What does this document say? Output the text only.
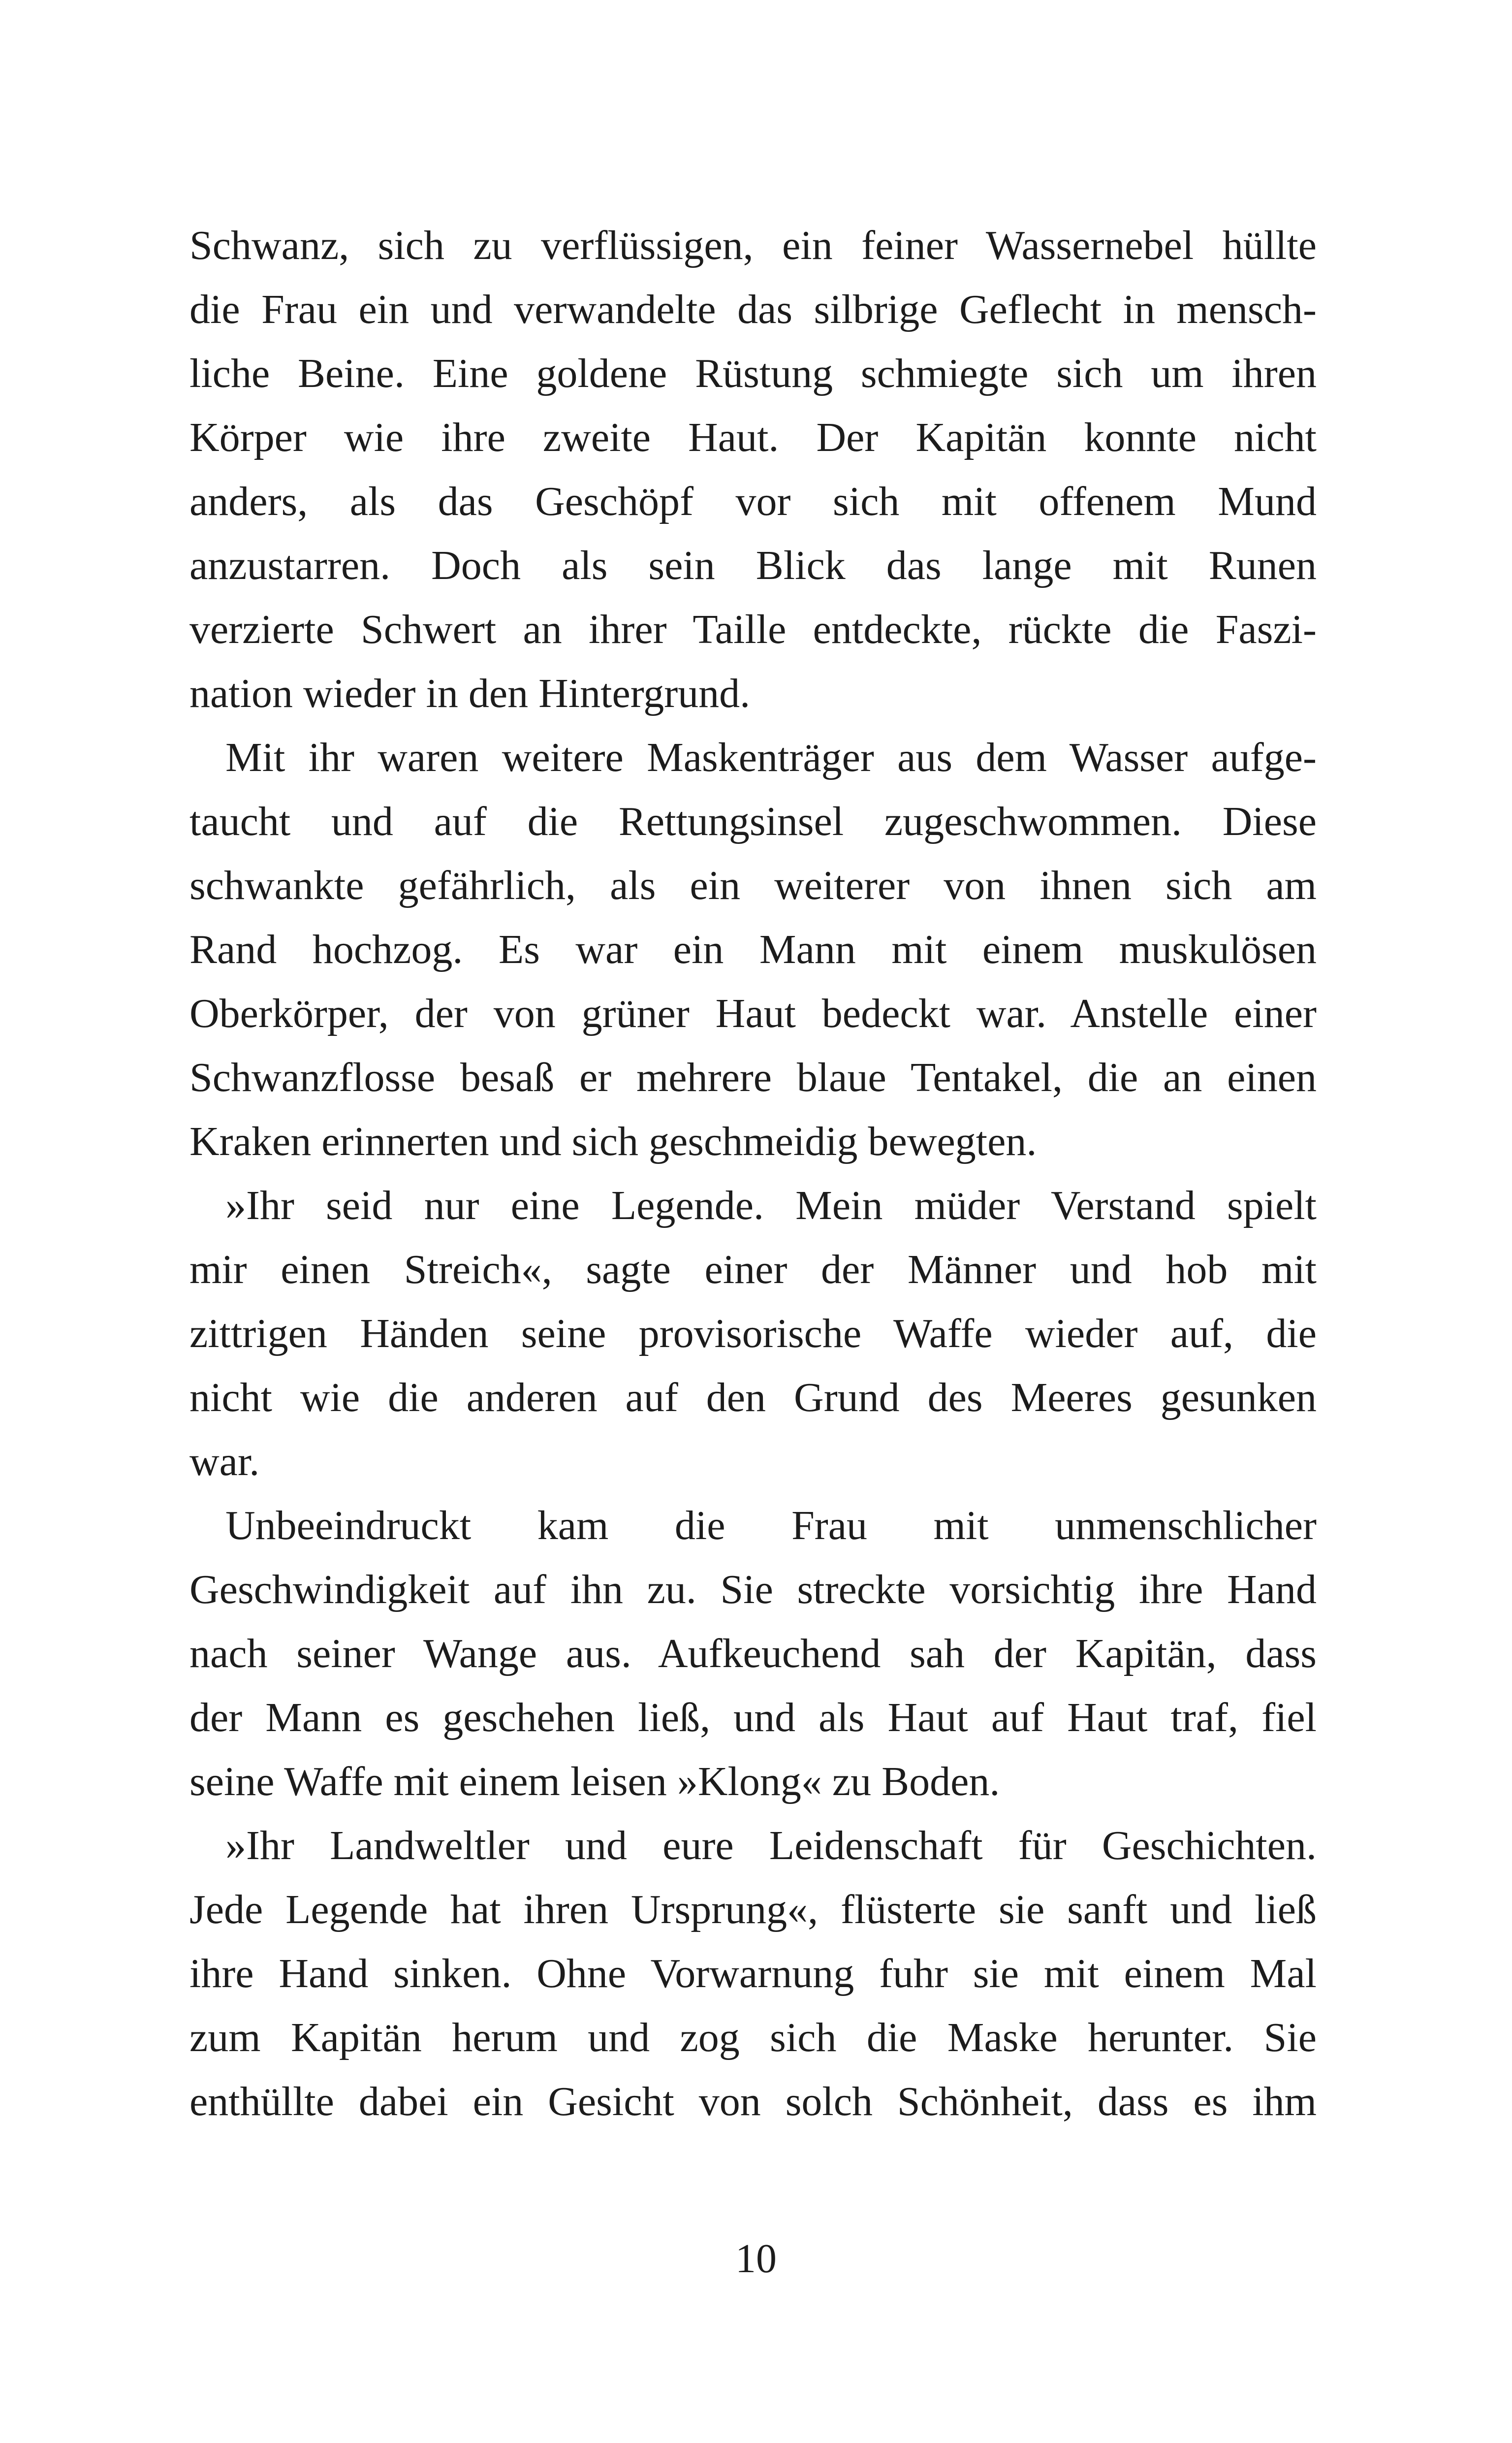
Schwanz, sich zu verflüssigen, ein feiner Wassernebel hüllte
die Frau ein und verwandelte das silbrige Geflecht in mensch-
liche Beine. Eine goldene Rüstung schmiegte sich um ihren
Körper wie ihre zweite Haut. Der Kapitän konnte nicht
anders, als das Geschöpf vor sich mit offenem Mund
anzustarren. Doch als sein Blick das lange mit Runen
verzierte Schwert an ihrer Taille entdeckte, rückte die Faszi-
nation wieder in den Hintergrund.
Mit ihr waren weitere Maskenträger aus dem Wasser aufge-
taucht und auf die Rettungsinsel zugeschwommen. Diese
schwankte gefährlich, als ein weiterer von ihnen sich am
Rand hochzog. Es war ein Mann mit einem muskulösen
Oberkörper, der von grüner Haut bedeckt war. Anstelle einer
Schwanzflosse besaß er mehrere blaue Tentakel, die an einen
Kraken erinnerten und sich geschmeidig bewegten.
»Ihr seid nur eine Legende. Mein müder Verstand spielt
mir einen Streich«, sagte einer der Männer und hob mit
zittrigen Händen seine provisorische Waffe wieder auf, die
nicht wie die anderen auf den Grund des Meeres gesunken
war.
Unbeeindruckt kam die Frau mit unmenschlicher
Geschwindigkeit auf ihn zu. Sie streckte vorsichtig ihre Hand
nach seiner Wange aus. Aufkeuchend sah der Kapitän, dass
der Mann es geschehen ließ, und als Haut auf Haut traf, fiel
seine Waffe mit einem leisen »Klong« zu Boden.
»Ihr Landweltler und eure Leidenschaft für Geschichten.
Jede Legende hat ihren Ursprung«, flüsterte sie sanft und ließ
ihre Hand sinken. Ohne Vorwarnung fuhr sie mit einem Mal
zum Kapitän herum und zog sich die Maske herunter. Sie
enthüllte dabei ein Gesicht von solch Schönheit, dass es ihm
10
